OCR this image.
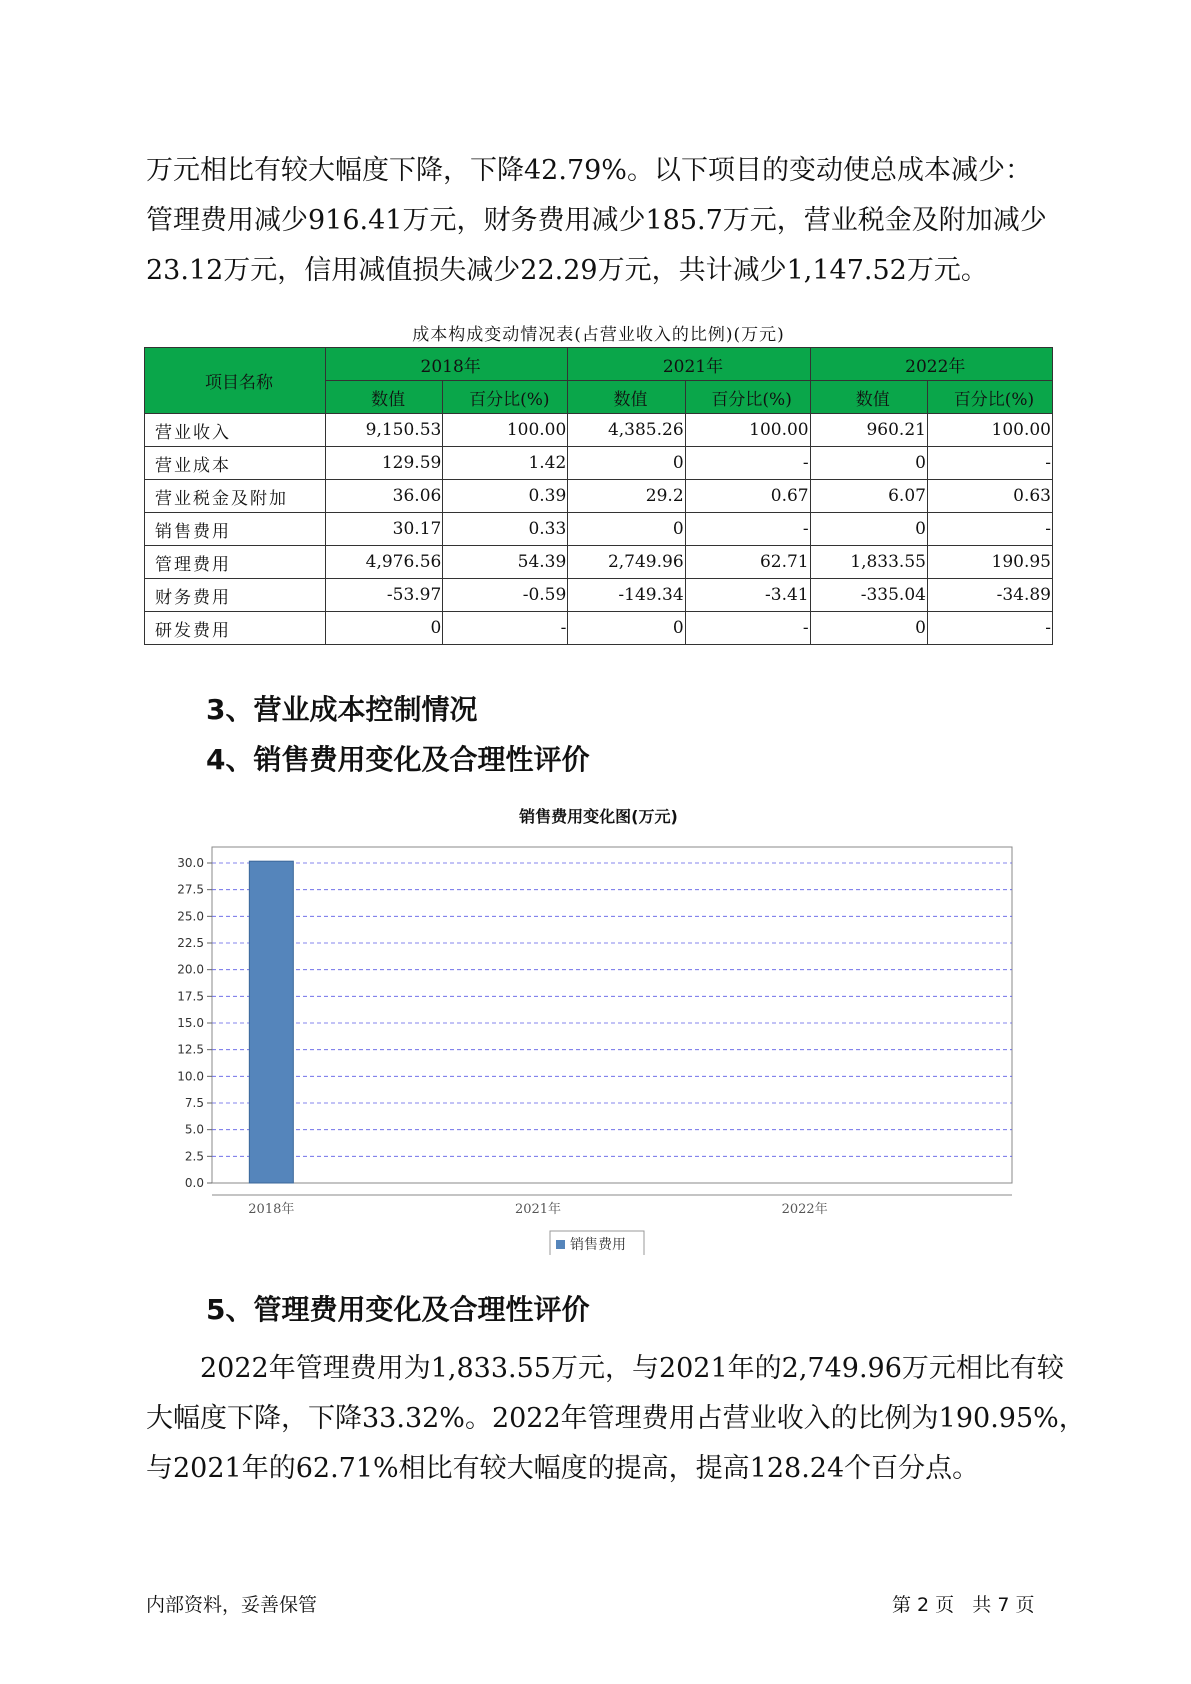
万元相比有较大幅度下降，下降42.79%。以下项目的变动使总成本减少：
管理费用减少916.41万元，财务费用减少185.7万元，营业税金及附加减少
23.12万元，信用减值损失减少22.29万元，共计减少1,147.52万元。
成本构成变动情况表(占营业收入的比例)(万元)
项目名称	2018年		2021年		2022年	
	数值	百分比(%)	数值	百分比(%)	数值	百分比(%)
营业收入	9,150.53	100.00	4,385.26	100.00	960.21	100.00
营业成本	129.59	1.42	0	-	0	-
营业税金及附加	36.06	0.39	29.2	0.67	6.07	0.63
销售费用	30.17	0.33	0	-	0	-
管理费用	4,976.56	54.39	2,749.96	62.71	1,833.55	190.95
财务费用	-53.97	-0.59	-149.34	-3.41	-335.04	-34.89
研发费用	0	-	0	-	0	-
3、营业成本控制情况
4、销售费用变化及合理性评价
销售费用变化图(万元)
0.0
2.5
5.0
7.5
10.0
12.5
15.0
17.5
20.0
22.5
25.0
27.5
30.0
2018年	2021年	2022年
销售费用
5、管理费用变化及合理性评价
2022年管理费用为1,833.55万元，与2021年的2,749.96万元相比有较
大幅度下降，下降33.32%。2022年管理费用占营业收入的比例为190.95%，
与2021年的62.71%相比有较大幅度的提高，提高128.24个百分点。
内部资料，妥善保管	第 2 页   共 7 页
